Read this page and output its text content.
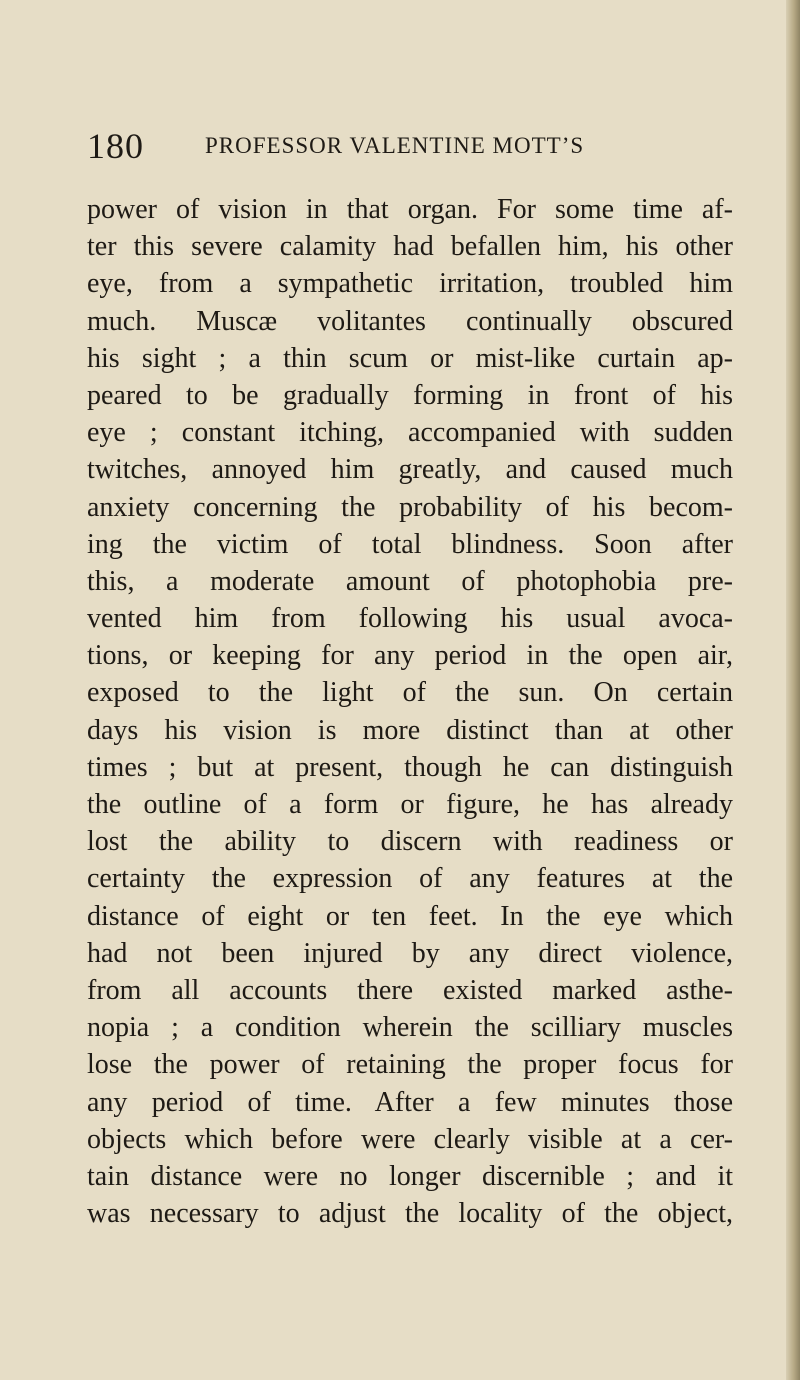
180	PROFESSOR VALENTINE MOTT’S
power of vision in that organ. For some time af-
ter this severe calamity had befallen him, his other
eye, from a sympathetic irritation, troubled him
much. Muscæ volitantes continually obscured
his sight ; a thin scum or mist-like curtain ap-
peared to be gradually forming in front of his
eye ; constant itching, accompanied with sudden
twitches, annoyed him greatly, and caused much
anxiety concerning the probability of his becom-
ing the victim of total blindness. Soon after
this, a moderate amount of photophobia pre-
vented him from following his usual avoca-
tions, or keeping for any period in the open air,
exposed to the light of the sun. On certain
days his vision is more distinct than at other
times ; but at present, though he can distinguish
the outline of a form or figure, he has already
lost the ability to discern with readiness or
certainty the expression of any features at the
distance of eight or ten feet. In the eye which
had not been injured by any direct violence,
from all accounts there existed marked asthe-
nopia ; a condition wherein the scilliary muscles
lose the power of retaining the proper focus for
any period of time. After a few minutes those
objects which before were clearly visible at a cer-
tain distance were no longer discernible ; and it
was necessary to adjust the locality of the object,
